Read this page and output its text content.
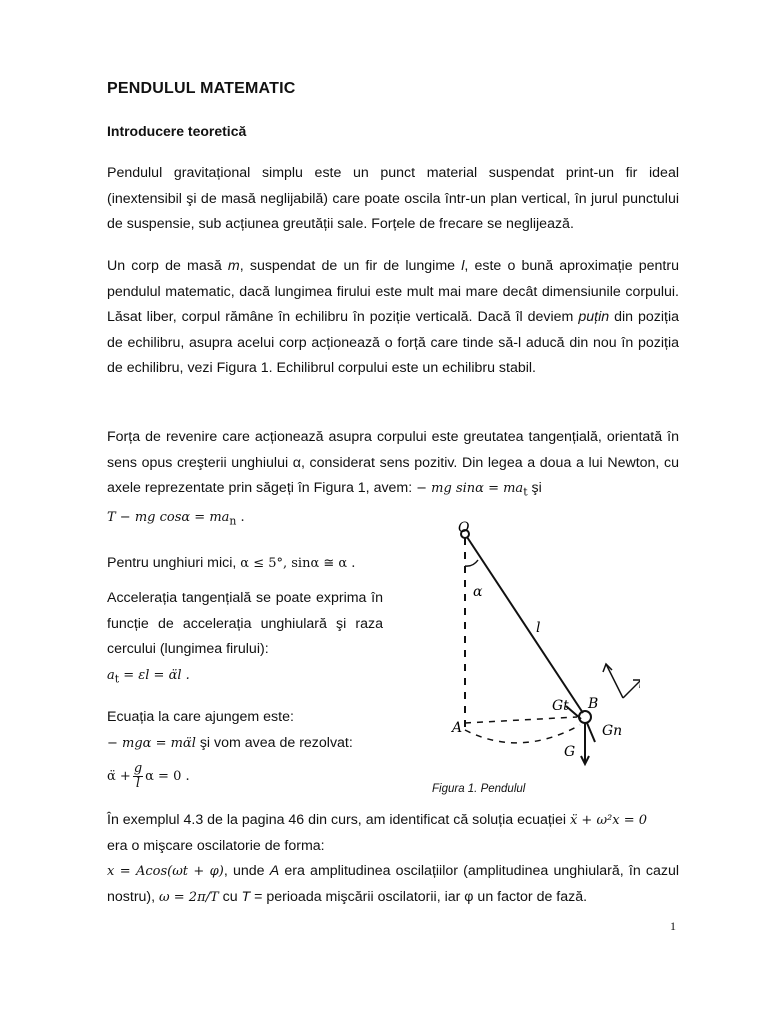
PENDULUL MATEMATIC
Introducere teoretică
Pendulul gravitațional simplu este un punct material suspendat print-un fir ideal (inextensibil şi de masă neglijabilă) care poate oscila într-un plan vertical, în jurul punctului de suspensie, sub acțiunea greutății sale. Forțele de frecare se neglijează.
Un corp de masă m, suspendat de un fir de lungime l, este o bună aproximație pentru pendulul matematic, dacă lungimea firului este mult mai mare decât dimensiunile corpului. Lăsat liber, corpul rămâne în echilibru în poziție verticală. Dacă îl deviem puțin din poziția de echilibru, asupra acelui corp acționează o forță care tinde să-l aducă din nou în poziția de echilibru, vezi Figura 1. Echilibrul corpului este un echilibru stabil.
Forța de revenire care acționează asupra corpului este greutatea tangențială, orientată în sens opus creşterii unghiului α, considerat sens pozitiv. Din legea a doua a lui Newton, cu axele reprezentate prin săgeți în Figura 1, avem: − mg $\sin\alpha = ma_t$ şi
T − mg $\cos\alpha = ma_n$ .
Pentru unghiuri mici, α ≤ 5°, sinα ≅ α .
Accelerația tangențială se poate exprima în funcție de accelerația unghiulară şi raza cercului (lungimea firului):
$a_t = \varepsilon l$ = α̈l .
Ecuația la care ajungem este:
− mgα = mα̈l şi vom avea de rezolvat:
α̈ + $\frac{g}{l}$ α = 0 .
În exemplul 4.3 de la pagina 46 din curs, am identificat că soluția ecuației ẍ + ω²x = 0
era o mişcare oscilatorie de forma:
x = Acos(ωt + φ), unde A era amplitudinea oscilațiilor (amplitudinea unghiulară, în cazul nostru), ω = 2π/T cu T = perioada mişcării oscilatorii, iar φ un factor de fază.
O
α
l
A
B
G
Gt
Gn
Figura 1. Pendulul
1
